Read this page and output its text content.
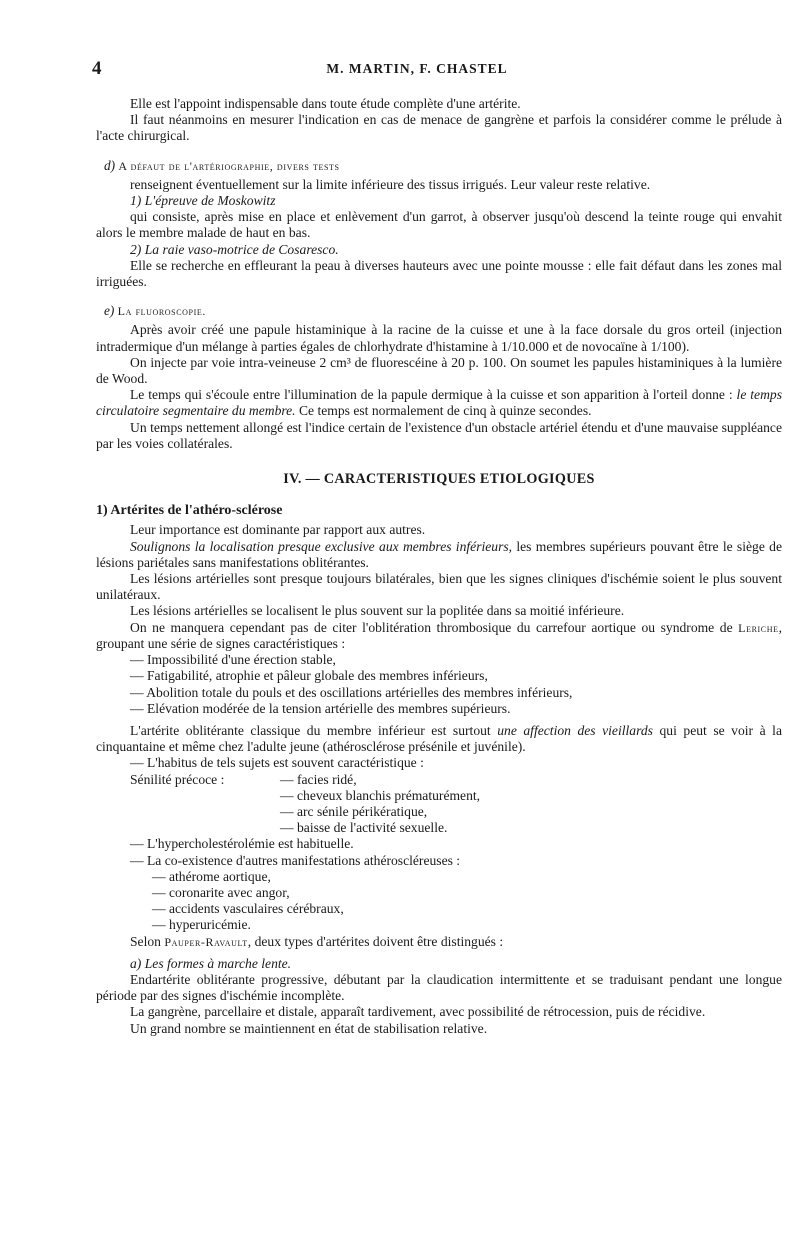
4	M. MARTIN, F. CHASTEL

Elle est l'appoint indispensable dans toute étude complète d'une artérite.

Il faut néanmoins en mesurer l'indication en cas de menace de gangrène et parfois la considérer comme le prélude à l'acte chirurgical.

d) A défaut de l'artériographie, divers tests

renseignent éventuellement sur la limite inférieure des tissus irrigués. Leur valeur reste relative.

1) L'épreuve de Moskowitz

qui consiste, après mise en place et enlèvement d'un garrot, à observer jusqu'où descend la teinte rouge qui envahit alors le membre malade de haut en bas.

2) La raie vaso-motrice de Cosaresco.

Elle se recherche en effleurant la peau à diverses hauteurs avec une pointe mousse : elle fait défaut dans les zones mal irriguées.

e) La fluoroscopie.

Après avoir créé une papule histaminique à la racine de la cuisse et une à la face dorsale du gros orteil (injection intradermique d'un mélange à parties égales de chlorhydrate d'histamine à 1/10.000 et de novocaïne à 1/100).

On injecte par voie intra-veineuse 2 cm³ de fluorescéine à 20 p. 100. On soumet les papules histaminiques à la lumière de Wood.

Le temps qui s'écoule entre l'illumination de la papule dermique à la cuisse et son apparition à l'orteil donne : le temps circulatoire segmentaire du membre. Ce temps est normalement de cinq à quinze secondes.

Un temps nettement allongé est l'indice certain de l'existence d'un obstacle artériel étendu et d'une mauvaise suppléance par les voies collatérales.

IV. — CARACTERISTIQUES ETIOLOGIQUES
1) Artérites de l'athéro-sclérose

Leur importance est dominante par rapport aux autres.

Soulignons la localisation presque exclusive aux membres inférieurs, les membres supérieurs pouvant être le siège de lésions pariétales sans manifestations oblitérantes.

Les lésions artérielles sont presque toujours bilatérales, bien que les signes cliniques d'ischémie soient le plus souvent unilatéraux.

Les lésions artérielles se localisent le plus souvent sur la poplitée dans sa moitié inférieure.

On ne manquera cependant pas de citer l'oblitération thrombosique du carrefour aortique ou syndrome de Leriche, groupant une série de signes caractéristiques :

— Impossibilité d'une érection stable,

— Fatigabilité, atrophie et pâleur globale des membres inférieurs,

— Abolition totale du pouls et des oscillations artérielles des membres inférieurs,

— Elévation modérée de la tension artérielle des membres supérieurs.

L'artérite oblitérante classique du membre inférieur est surtout une affection des vieillards qui peut se voir à la cinquantaine et même chez l'adulte jeune (athérosclérose présénile et juvénile).

— L'habitus de tels sujets est souvent caractéristique :

Sénilité précoce :	— facies ridé,
— cheveux blanchis prématurément,
— arc sénile périkératique,
— baisse de l'activité sexuelle.

— L'hypercholestérolémie est habituelle.

— La co-existence d'autres manifestations athéroscléreuses :

— athérome aortique,

— coronarite avec angor,

— accidents vasculaires cérébraux,

— hyperuricémie.

Selon Pauper-Ravault, deux types d'artérites doivent être distingués :

a) Les formes à marche lente.

Endartérite oblitérante progressive, débutant par la claudication intermittente et se traduisant pendant une longue période par des signes d'ischémie incomplète.

La gangrène, parcellaire et distale, apparaît tardivement, avec possibilité de rétrocession, puis de récidive.

Un grand nombre se maintiennent en état de stabilisation relative.
